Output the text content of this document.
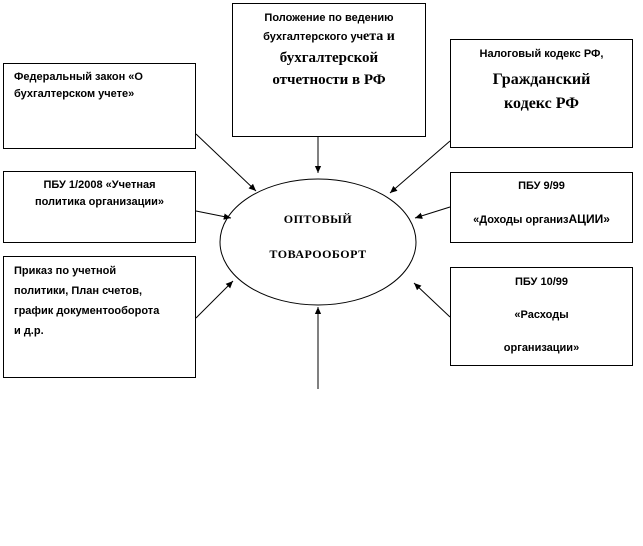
ОПТОВЫЙ
ТОВАРООБОРТ

Положение по ведению

бухгалтерского учета и

бухгалтерской

отчетности в РФ

Федеральный закон «О

бухгалтерском учете»

Налоговый кодекс РФ,

Гражданский

кодекс РФ

ПБУ 1/2008 «Учетная

политика организации»

ПБУ 9/99

«Доходы организАЦИИ»

Приказ по учетной

политики, План счетов,

график документооборота

и д.р.

ПБУ 10/99

«Расходы

организации»
